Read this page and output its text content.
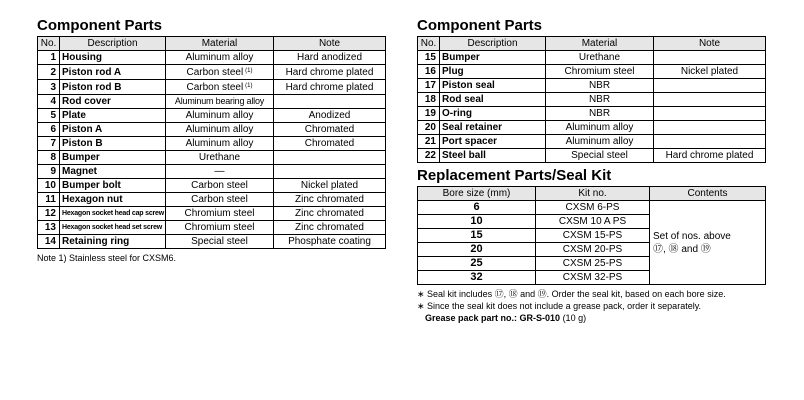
Component Parts
No.	Description	Material	Note
1	Housing	Aluminum alloy	Hard anodized
2	Piston rod A	Carbon steel $^{(1)}$	Hard chrome plated
3	Piston rod B	Carbon steel $^{(1)}$	Hard chrome plated
4	Rod cover	Aluminum bearing alloy	
5	Plate	Aluminum alloy	Anodized
6	Piston A	Aluminum alloy	Chromated
7	Piston B	Aluminum alloy	Chromated
8	Bumper	Urethane	
9	Magnet	—	
10	Bumper bolt	Carbon steel	Nickel plated
11	Hexagon nut	Carbon steel	Zinc chromated
12	Hexagon socket head cap screw	Chromium steel	Zinc chromated
13	Hexagon socket head set screw	Chromium steel	Zinc chromated
14	Retaining ring	Special steel	Phosphate coating
Note 1) Stainless steel for CXSM6.
Component Parts
No.	Description	Material	Note
15	Bumper	Urethane	
16	Plug	Chromium steel	Nickel plated
17	Piston seal	NBR	
18	Rod seal	NBR	
19	O-ring	NBR	
20	Seal retainer	Aluminum alloy	
21	Port spacer	Aluminum alloy	
22	Steel ball	Special steel	Hard chrome plated
Replacement Parts/Seal Kit
Bore size (mm)	Kit no.	Contents
6	CXSM 6-PS	Set of nos. above
⑰, ⑱ and ⑲
10	CXSM 10 A PS	
15	CXSM 15-PS	
20	CXSM 20-PS	
25	CXSM 25-PS	
32	CXSM 32-PS	
∗ Seal kit includes ⑰, ⑱ and ⑲. Order the seal kit, based on each bore size.
∗ Since the seal kit does not include a grease pack, order it separately.
Grease pack part no.: GR-S-010 (10 g)
